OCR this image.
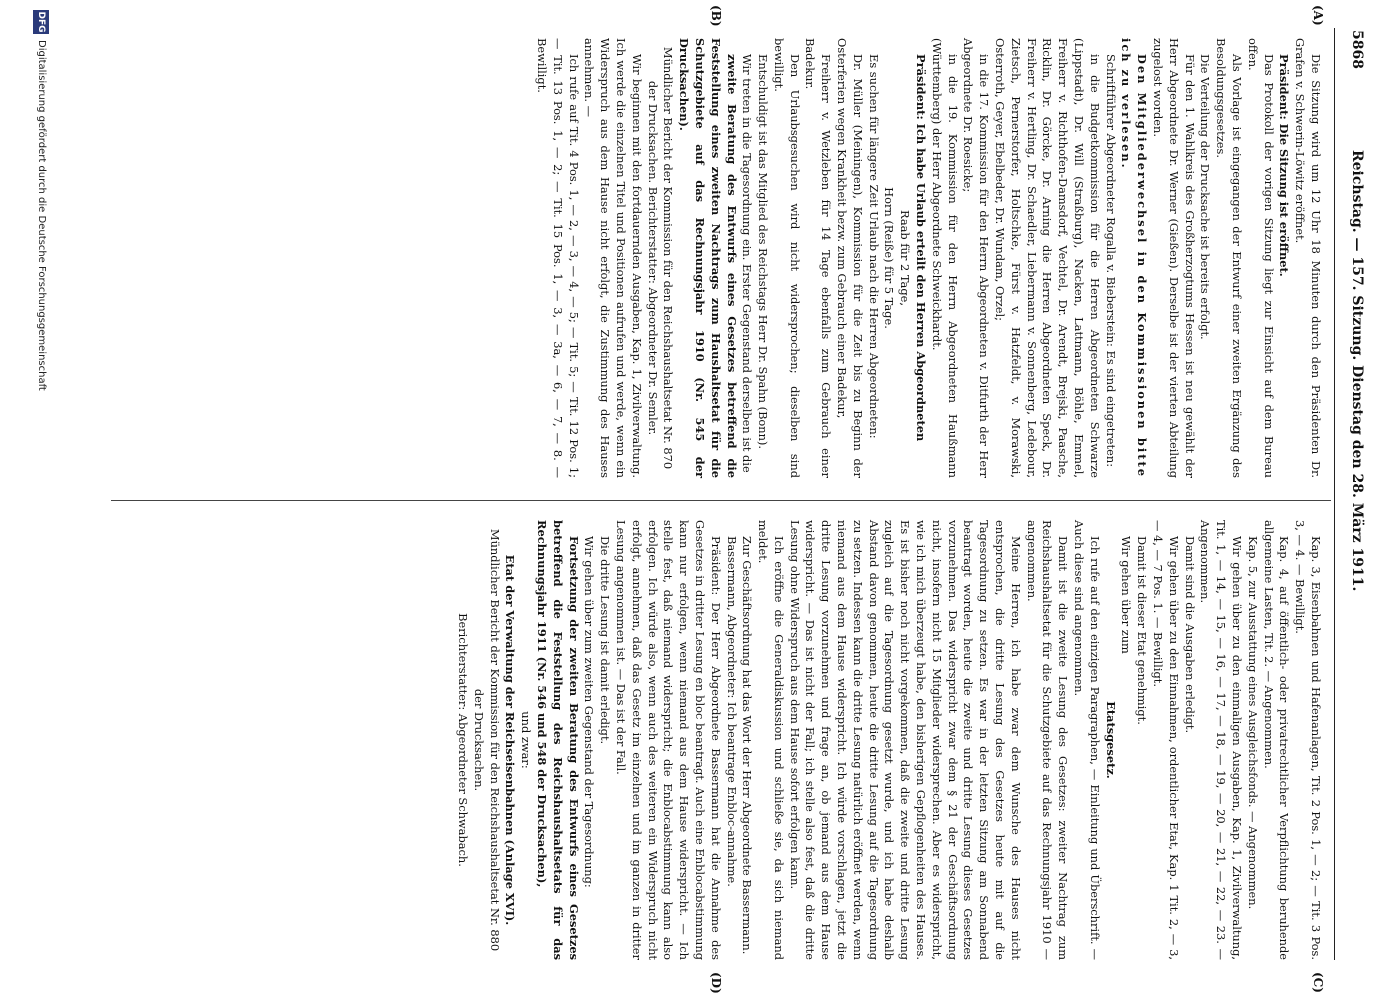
5868
Reichstag. — 157. Sitzung. Dienstag den 28. März 1911.
(A)
(B)
(C)
(D)

Die Sitzung wird um 12 Uhr 18 Minuten durch den Präsidenten Dr. Grafen v. Schwerin-Löwitz eröffnet.

Präsident: Die Sitzung ist eröffnet.

Das Protokoll der vorigen Sitzung liegt zur Einsicht auf dem Bureau offen.

Als Vorlage ist eingegangen der Entwurf einer zweiten Ergänzung des Besoldungsgesetzes.

Die Verteilung der Drucksache ist bereits erfolgt.

Für den 1. Wahlkreis des Großherzogtums Hessen ist neu gewählt der Herr Abgeordnete Dr. Werner (Gießen). Derselbe ist der vierten Abteilung zugelost worden.

Den Mitgliederwechsel in den Kommissionen bitte ich zu verlesen.

Schriftführer Abgeordneter Rogalla v. Bieberstein: Es sind eingetreten:

in die Budgetkommission für die Herren Abgeordneten Schwarze (Lippstadt), Dr. Will (Straßburg), Nacken, Lattmann, Böhle, Emmel, Freiherr v. Richthofen-Damsdorf, Vechtel, Dr. Arendt, Brejski, Paasche, Ricklin, Dr. Görcke, Dr. Arning die Herren Abgeordneten Speck, Dr. Freiherr v. Hertling, Dr. Schaedler, Liebermann v. Sonnenberg, Ledebour, Zietsch, Pernerstorfer, Holtschke, Fürst v. Hatzfeldt, v. Morawski, Osterroth, Geyer, Ebelbeder, Dr. Wundam, Orzel;

in die 17. Kommission für den Herrn Abgeordneten v. Ditfurth der Herr Abgeordnete Dr. Roesicke;

in die 19. Kommission für den Herrn Abgeordneten Haußmann (Württemberg) der Herr Abgeordnete Schweickhardt.

Präsident: Ich habe Urlaub erteilt den Herren Abgeordneten

Raab für 2 Tage,

Horn (Reiße) für 5 Tage.

Es suchen für längere Zeit Urlaub nach die Herren Abgeordneten:

Dr. Müller (Meiningen), Kommission für die Zeit bis zu Beginn der Osterferien wegen Krankheit bezw. zum Gebrauch einer Badekur,

Freiherr v. Wetzleben für 14 Tage ebenfalls zum Gebrauch einer Badekur.

Den Urlaubsgesuchen wird nicht widersprochen; dieselben sind bewilligt.

Entschuldigt ist das Mitglied des Reichstags Herr Dr. Spahn (Bonn).

Wir treten in die Tagesordnung ein. Erster Gegenstand derselben ist die

zweite Beratung des Entwurfs eines Gesetzes betreffend die Feststellung eines zweiten Nachtrags zum Haushaltsetat für die Schutzgebiete auf das Rechnungsjahr 1910 (Nr. 545 der Drucksachen).

Mündlicher Bericht der Kommission für den Reichshaushaltsetat Nr. 870 der Drucksachen. Berichterstatter: Abgeordneter Dr. Semler.

Wir beginnen mit den fortdauernden Ausgaben, Kap. 1, Zivilverwaltung. Ich werde die einzelnen Titel und Positionen aufrufen und werde, wenn ein Widerspruch aus dem Hause nicht erfolgt, die Zustimmung des Hauses annehmen. —

Ich rufe auf Tit. 4 Pos. 1, — 2, — 3, — 4, — 5; — Tit. 5; — Tit. 12 Pos. 1; — Tit. 13 Pos. 1, — 2; — Tit. 15 Pos. 1, — 3, — 3a, — 6, — 7, — 8. — Bewilligt.

Kap. 3, Eisenbahnen und Hafenanlagen, Tit. 2 Pos. 1, — 2; — Tit. 3 Pos. 3, — 4. — Bewilligt.

Kap. 4, auf öffentlich- oder privatrechtlicher Verpflichtung beruhende allgemeine Lasten, Tit. 2. — Angenommen.

Kap. 5, zur Ausstattung eines Ausgleichsfonds. — Angenommen.

Wir gehen über zu den einmaligen Ausgaben, Kap. 1, Zivilverwaltung, Tit. 1, — 14, — 15, — 16, — 17, — 18, — 19, — 20, — 21, — 22, — 23. — Angenommen.

Damit sind die Ausgaben erledigt.

Wir gehen über zu den Einnahmen, ordentlicher Etat, Kap. 1 Tit. 2, — 3, — 4, — 7 Pos. 1. — Bewilligt.

Damit ist dieser Etat genehmigt.

Wir gehen über zum

Etatsgesetz.

Ich rufe auf den einzigen Paragraphen, — Einleitung und Überschrift. — Auch diese sind angenommen.

Damit ist die zweite Lesung des Gesetzes: zweiter Nachtrag zum Reichshaushaltsetat für die Schutzgebiete auf das Rechnungsjahr 1910 — angenommen.

Meine Herren, ich habe zwar dem Wunsche des Hauses nicht entsprochen, die dritte Lesung des Gesetzes heute mit auf die Tagesordnung zu setzen. Es war in der letzten Sitzung am Sonnabend beantragt worden, heute die zweite und dritte Lesung dieses Gesetzes vorzunehmen. Das widerspricht zwar dem § 21 der Geschäftsordnung nicht, insofern nicht 15 Mitglieder widersprechen. Aber es widerspricht, wie ich mich überzeugt habe, den bisherigen Gepflogenheiten des Hauses. Es ist bisher noch nicht vorgekommen, daß die zweite und dritte Lesung zugleich auf die Tagesordnung gesetzt wurde, und ich habe deshalb Abstand davon genommen, heute die dritte Lesung auf die Tagesordnung zu setzen. Indessen kann die dritte Lesung natürlich eröffnet werden, wenn niemand aus dem Hause widerspricht. Ich würde vorschlagen, jetzt die dritte Lesung vorzunehmen und frage an, ob jemand aus dem Hause widerspricht. — Das ist nicht der Fall; ich stelle also fest, daß die dritte Lesung ohne Widerspruch aus dem Hause sofort erfolgen kann.

Ich eröffne die Generaldiskussion und schließe sie, da sich niemand meldet.

Zur Geschäftsordnung hat das Wort der Herr Abgeordnete Bassermann.

Bassermann, Abgeordneter: Ich beantrage Enbloc-annahme.

Präsident: Der Herr Abgeordnete Bassermann hat die Annahme des Gesetzes in dritter Lesung en bloc beantragt. Auch eine Enblocabstimmung kann nur erfolgen, wenn niemand aus dem Hause widerspricht. — Ich stelle fest, daß niemand widerspricht; die Enblocabstimmung kann also erfolgen. Ich würde also, wenn auch des weiteren ein Widerspruch nicht erfolgt, annehmen, daß das Gesetz im einzelnen und im ganzen in dritter Lesung angenommen ist. — Das ist der Fall.

Die dritte Lesung ist damit erledigt.

Wir gehen über zum zweiten Gegenstand der Tagesordnung:

Fortsetzung der zweiten Beratung des Entwurfs eines Gesetzes betreffend die Feststellung des Reichshaushaltsetats für das Rechnungsjahr 1911 (Nr. 546 und 548 der Drucksachen),

und zwar:

Etat der Verwaltung der Reichseisenbahnen (Anlage XVI).

Mündlicher Bericht der Kommission für den Reichshaushaltsetat Nr. 880 der Drucksachen.

Berichterstatter: Abgeordneter Schwabach.

DFG
Digitalisierung gefördert durch die Deutsche Forschungsgemeinschaft
